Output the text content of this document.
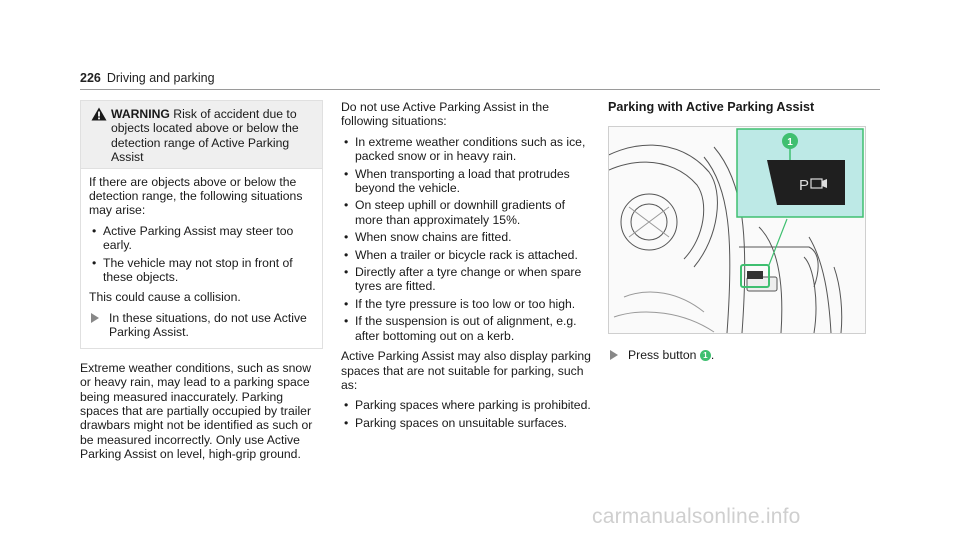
226 Driving and parking
WARNING Risk of accident due to objects located above or below the detection range of Active Parking Assist

If there are objects above or below the detection range, the following situations may arise:

• Active Parking Assist may steer too early.
• The vehicle may not stop in front of these objects.

This could cause a collision.

In these situations, do not use Active Parking Assist.

Extreme weather conditions, such as snow or heavy rain, may lead to a parking space being measured inaccurately. Parking spaces that are partially occupied by trailer drawbars might not be identified as such or be measured incorrectly. Only use Active Parking Assist on level, high-grip ground.

Do not use Active Parking Assist in the following situations:

• In extreme weather conditions such as ice, packed snow or in heavy rain.
• When transporting a load that protrudes beyond the vehicle.
• On steep uphill or downhill gradients of more than approximately 15%.
• When snow chains are fitted.
• When a trailer or bicycle rack is attached.
• Directly after a tyre change or when spare tyres are fitted.
• If the tyre pressure is too low or too high.
• If the suspension is out of alignment, e.g. after bottoming out on a kerb.

Active Parking Assist may also display parking spaces that are not suitable for parking, such as:

• Parking spaces where parking is prohibited.
• Parking spaces on unsuitable surfaces.
Parking with Active Parking Assist
1
P
Press button 1 .
carmanualsonline.info
